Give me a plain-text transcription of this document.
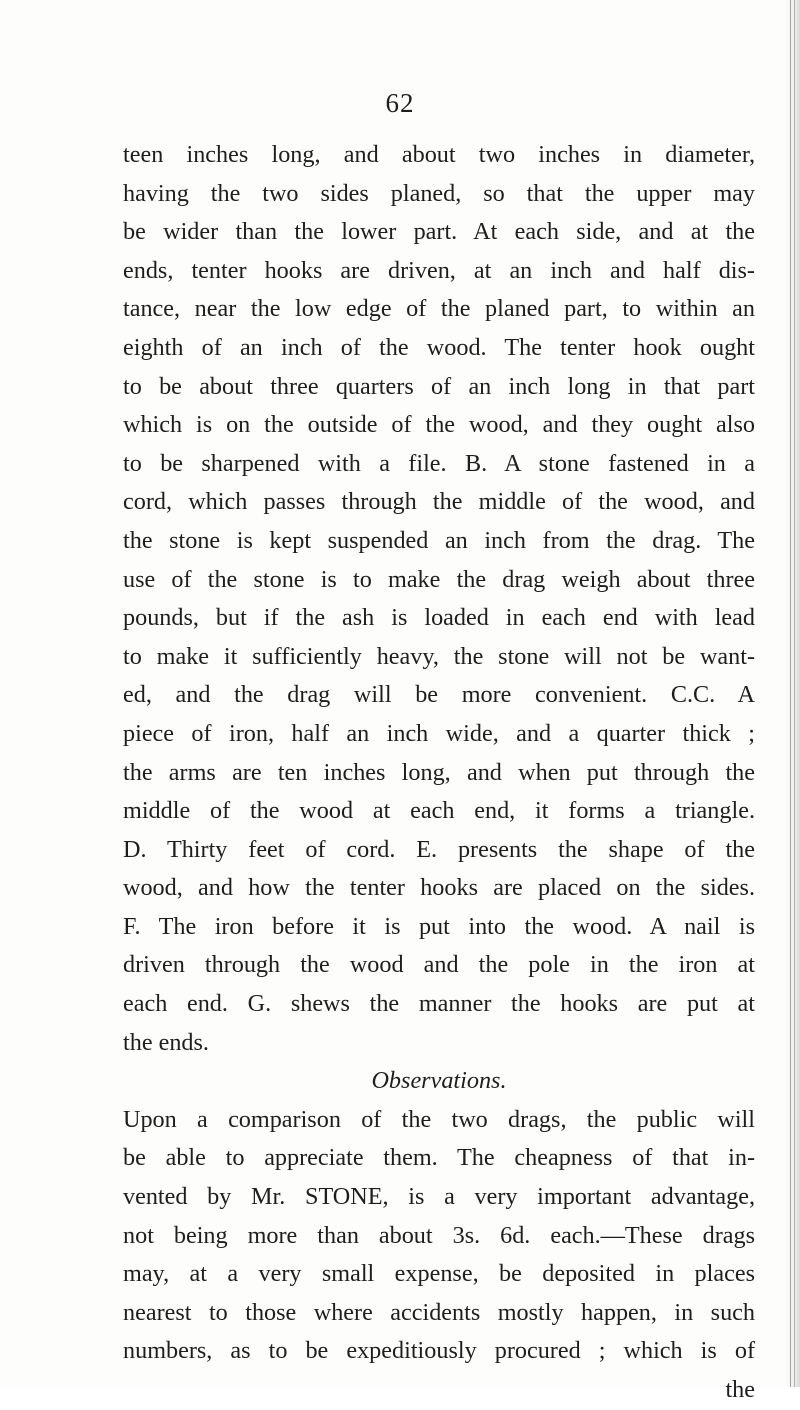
62
teen inches long, and about two inches in diameter,
having the two sides planed, so that the upper may
be wider than the lower part. At each side, and at the
ends, tenter hooks are driven, at an inch and half dis-
tance, near the low edge of the planed part, to within an
eighth of an inch of the wood. The tenter hook ought
to be about three quarters of an inch long in that part
which is on the outside of the wood, and they ought also
to be sharpened with a file. B. A stone fastened in a
cord, which passes through the middle of the wood, and
the stone is kept suspended an inch from the drag. The
use of the stone is to make the drag weigh about three
pounds, but if the ash is loaded in each end with lead
to make it sufficiently heavy, the stone will not be want-
ed, and the drag will be more convenient. C.C. A
piece of iron, half an inch wide, and a quarter thick ;
the arms are ten inches long, and when put through the
middle of the wood at each end, it forms a triangle.
D. Thirty feet of cord. E. presents the shape of the
wood, and how the tenter hooks are placed on the sides.
F. The iron before it is put into the wood. A nail is
driven through the wood and the pole in the iron at
each end. G. shews the manner the hooks are put at
the ends.
Observations.
Upon a comparison of the two drags, the public will
be able to appreciate them. The cheapness of that in-
vented by Mr. STONE, is a very important advantage,
not being more than about 3s. 6d. each.—These drags
may, at a very small expense, be deposited in places
nearest to those where accidents mostly happen, in such
numbers, as to be expeditiously procured ; which is of
the
